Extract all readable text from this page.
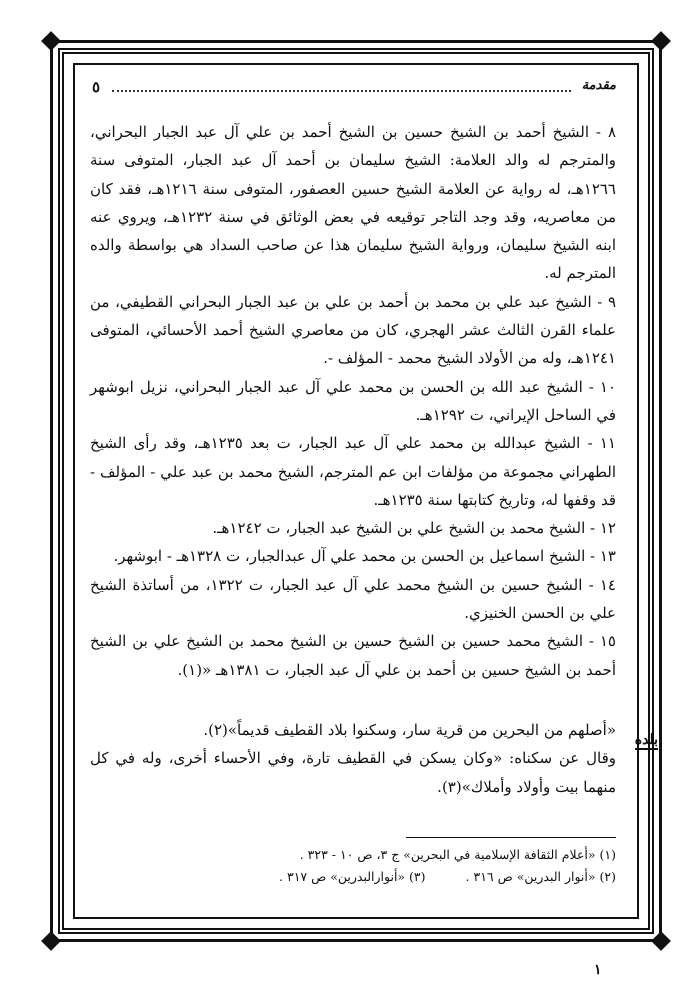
مقدمة
٥

٨ - الشيخ أحمد بن الشيخ حسين بن الشيخ أحمد بن علي آل عبد الجبار البحراني، والمترجم له والد العلامة: الشيخ سليمان بن أحمد آل عبد الجبار، المتوفى سنة ١٢٦٦هـ، له رواية عن العلامة الشيخ حسين العصفور، المتوفى سنة ١٢١٦هـ، فقد كان من معاصريه، وقد وجد التاجر توقيعه في بعض الوثائق في سنة ١٢٣٢هـ، ويروي عنه ابنه الشيخ سليمان، ورواية الشيخ سليمان هذا عن صاحب السداد هي بواسطة والده المترجم له.

٩ - الشيخ عبد علي بن محمد بن أحمد بن علي بن عبد الجبار البحراني القطيفي، من علماء القرن الثالث عشر الهجري، كان من معاصري الشيخ أحمد الأحسائي، المتوفى ١٢٤١هـ، وله من الأولاد الشيخ محمد - المؤلف -.

١٠ - الشيخ عبد الله بن الحسن بن محمد علي آل عبد الجبار البحراني، نزيل ابوشهر في الساحل الإيراني، ت ١٢٩٢هـ.

١١ - الشيخ عبدالله بن محمد علي آل عبد الجبار، ت بعد ١٢٣٥هـ، وقد رأى الشيخ الطهراني مجموعة من مؤلفات ابن عم المترجم، الشيخ محمد بن عبد علي - المؤلف - قد وقفها له، وتاريخ كتابتها سنة ١٢٣٥هـ.

١٢ - الشيخ محمد بن الشيخ علي بن الشيخ عبد الجبار، ت ١٢٤٢هـ.

١٣ - الشيخ اسماعيل بن الحسن بن محمد علي آل عبدالجبار، ت ١٣٢٨هـ - ابوشهر.

١٤ - الشيخ حسين بن الشيخ محمد علي آل عبد الجبار، ت ١٣٢٢، من أساتذة الشيخ علي بن الحسن الخنيزي.

١٥ - الشيخ محمد حسين بن الشيخ حسين بن الشيخ محمد بن الشيخ علي بن الشيخ أحمد بن الشيخ حسين بن أحمد بن علي آل عبد الجبار، ت ١٣٨١هـ «(١).

بلده

«أصلهم من البحرين من قرية سار، وسكنوا بلاد القطيف قديماً»(٢).

وقال عن سكناه: «وكان يسكن في القطيف تارة، وفي الأحساء أخرى، وله في كل منهما بيت وأولاد وأملاك»(٣).

(١) «أعلام الثقافة الإسلامية في البحرين» ج ٣، ص ١٠ - ٣٢٣ .
(٢) «أنوار البدرين» ص ٣١٦ .
(٣) «أنوارالبدرين» ص ٣١٧ .
١
